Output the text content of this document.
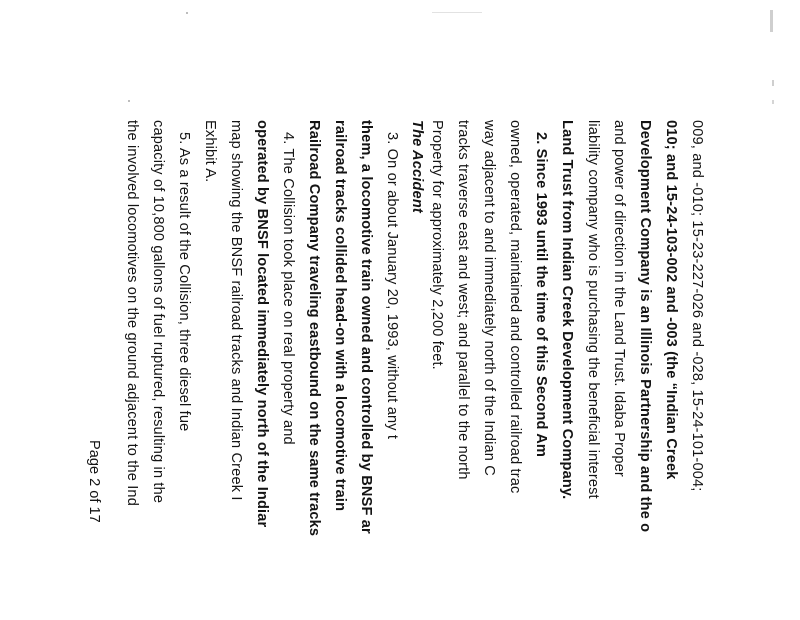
009, and -010; 15-23-227-026 and -028, 15-24-101-004;
010; and 15-24-103-002 and -003 (the “Indian Creek
Development Company is an Illinois Partnership and the o
and power of direction in the Land Trust. Idaba Proper
liability company who is purchasing the beneficial interest
Land Trust from Indian Creek Development Company.
2. Since 1993 until the time of this Second Am
owned, operated, maintained and controlled railroad trac
way adjacent to and immediately north of the Indian C
tracks traverse east and west; and parallel to the north
Property for approximately 2,200 feet.
The Accident
3. On or about January 20, 1993, without any t
them, a locomotive train owned and controlled by BNSF ar
railroad tracks collided head-on with a locomotive train
Railroad Company traveling eastbound on the same tracks
4. The Collision took place on real property and
operated by BNSF located immediately north of the Indiar
map showing the BNSF railroad tracks and Indian Creek I
Exhibit A.
5. As a result of the Collision, three diesel fue
capacity of 10,800 gallons of fuel ruptured, resulting in the
the involved locomotives on the ground adjacent to the Ind
Page 2 of 17
